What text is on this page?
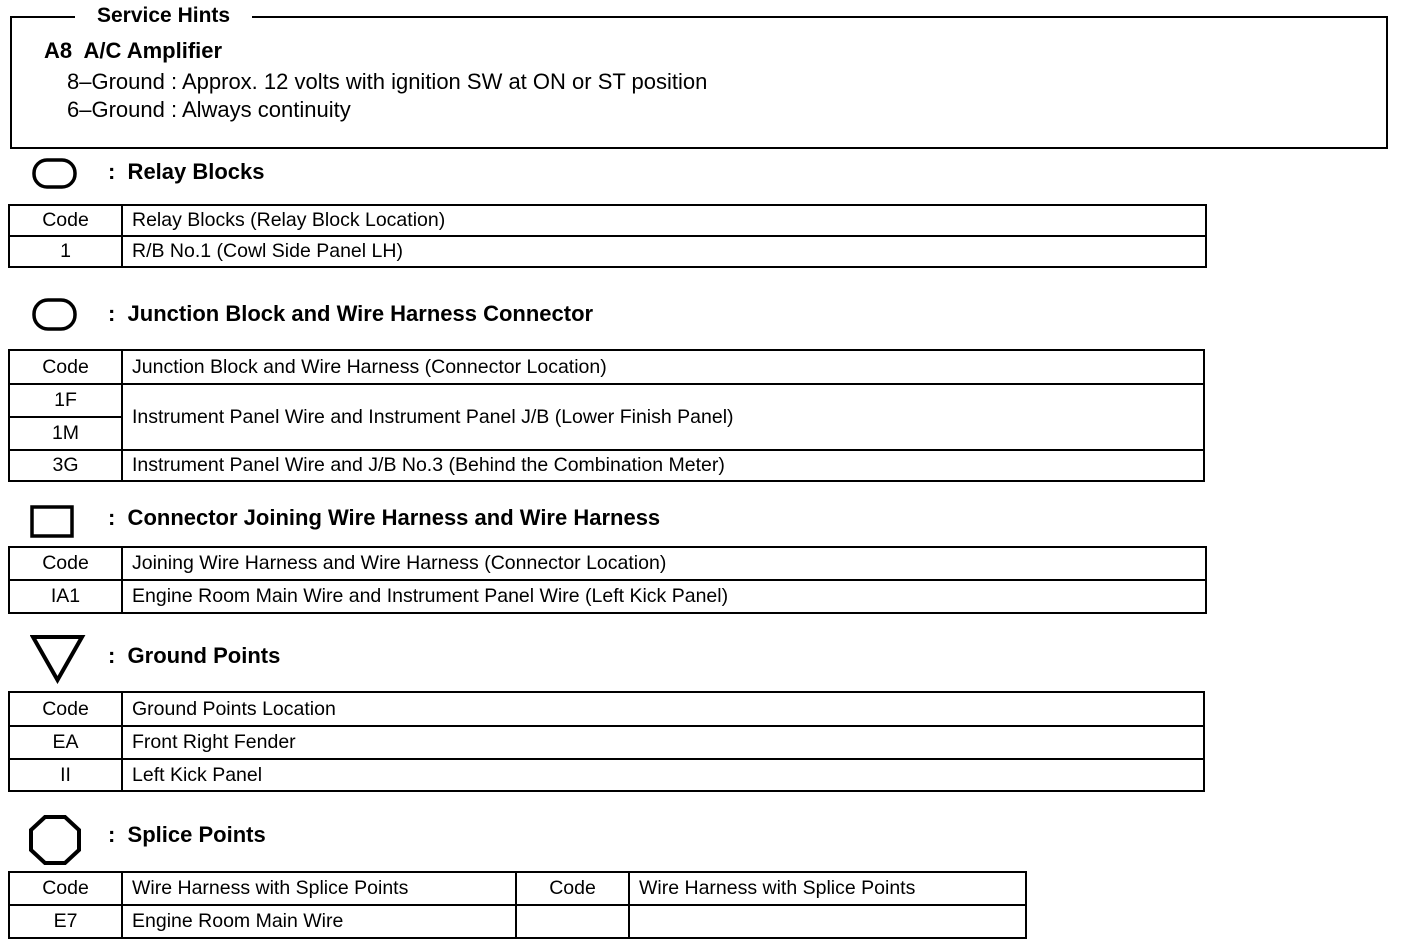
Service Hints
A8  A/C Amplifier
8–Ground : Approx. 12 volts with ignition SW at ON or ST position
6–Ground : Always continuity
:  Relay Blocks
Code	Relay Blocks (Relay Block Location)
1	R/B No.1 (Cowl Side Panel LH)
:  Junction Block and Wire Harness Connector
Code	Junction Block and Wire Harness (Connector Location)
1F	Instrument Panel Wire and Instrument Panel J/B (Lower Finish Panel)
1M	
3G	Instrument Panel Wire and J/B No.3 (Behind the Combination Meter)
:  Connector Joining Wire Harness and Wire Harness
Code	Joining Wire Harness and Wire Harness (Connector Location)
IA1	Engine Room Main Wire and Instrument Panel Wire (Left Kick Panel)
:  Ground Points
Code	Ground Points Location
EA	Front Right Fender
II	Left Kick Panel
:  Splice Points
Code	Wire Harness with Splice Points	Code	Wire Harness with Splice Points
E7	Engine Room Main Wire		
